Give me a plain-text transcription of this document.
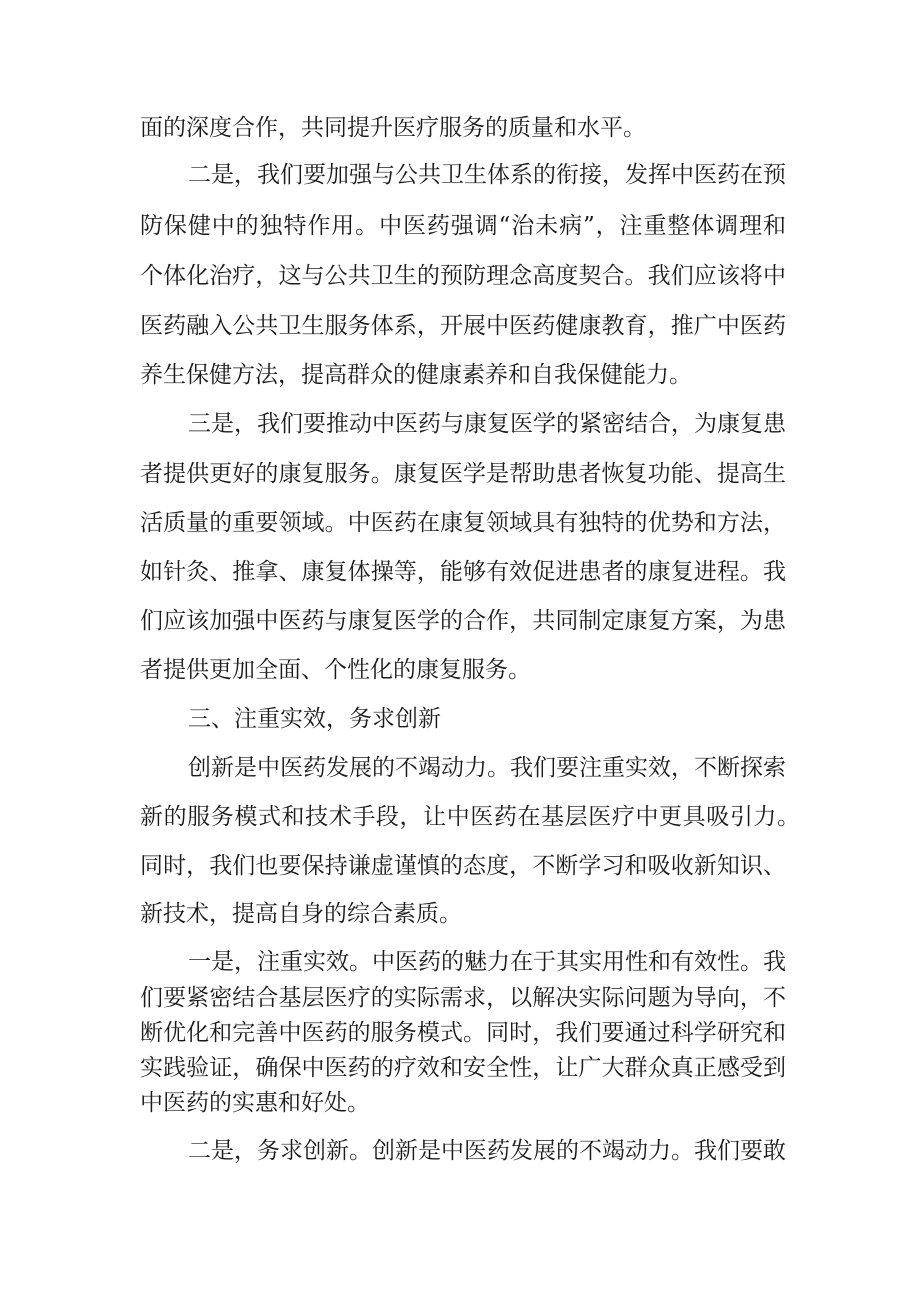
面的深度合作，共同提升医疗服务的质量和水平。
二是，我们要加强与公共卫生体系的衔接，发挥中医药在预
防保健中的独特作用。中医药强调“治未病”，注重整体调理和
个体化治疗，这与公共卫生的预防理念高度契合。我们应该将中
医药融入公共卫生服务体系，开展中医药健康教育，推广中医药
养生保健方法，提高群众的健康素养和自我保健能力。
三是，我们要推动中医药与康复医学的紧密结合，为康复患
者提供更好的康复服务。康复医学是帮助患者恢复功能、提高生
活质量的重要领域。中医药在康复领域具有独特的优势和方法，
如针灸、推拿、康复体操等，能够有效促进患者的康复进程。我
们应该加强中医药与康复医学的合作，共同制定康复方案，为患
者提供更加全面、个性化的康复服务。
三、注重实效，务求创新
创新是中医药发展的不竭动力。我们要注重实效，不断探索
新的服务模式和技术手段，让中医药在基层医疗中更具吸引力。
同时，我们也要保持谦虚谨慎的态度，不断学习和吸收新知识、
新技术，提高自身的综合素质。
一是，注重实效。中医药的魅力在于其实用性和有效性。我
们要紧密结合基层医疗的实际需求，以解决实际问题为导向，不
断优化和完善中医药的服务模式。同时，我们要通过科学研究和
实践验证，确保中医药的疗效和安全性，让广大群众真正感受到
中医药的实惠和好处。
二是，务求创新。创新是中医药发展的不竭动力。我们要敢
